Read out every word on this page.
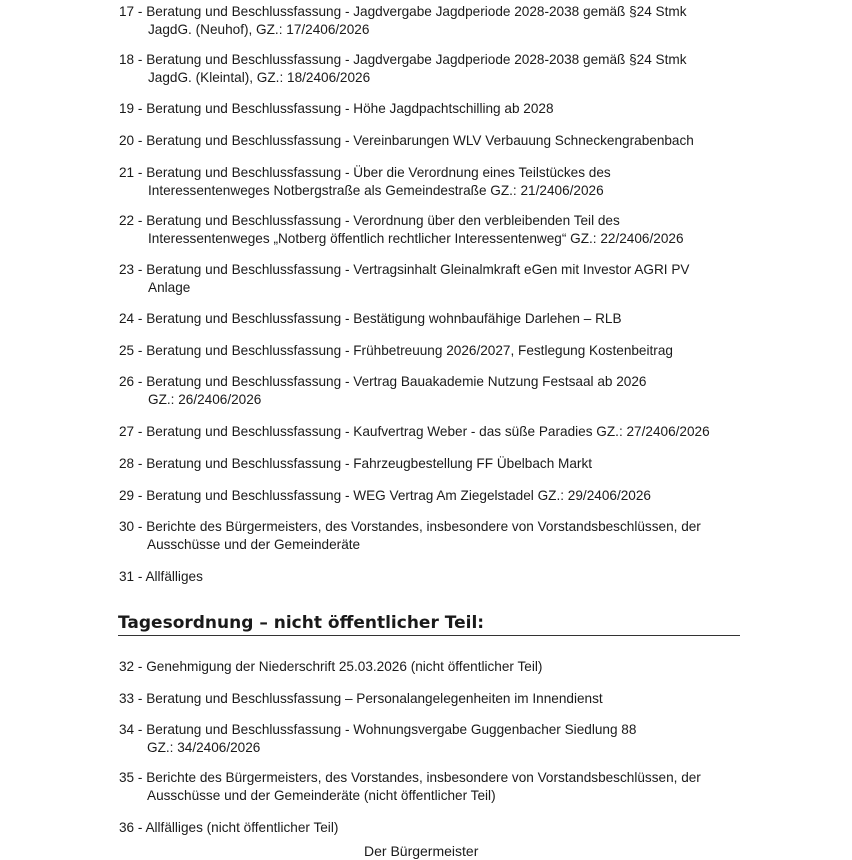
17 - Beratung und Beschlussfassung - Jagdvergabe Jagdperiode 2028-2038 gemäß §24 Stmk
JagdG. (Neuhof), GZ.: 17/2406/2026
18 - Beratung und Beschlussfassung - Jagdvergabe Jagdperiode 2028-2038 gemäß §24 Stmk
JagdG. (Kleintal), GZ.: 18/2406/2026
19 - Beratung und Beschlussfassung - Höhe Jagdpachtschilling ab 2028
20 - Beratung und Beschlussfassung - Vereinbarungen WLV Verbauung Schneckengrabenbach
21 - Beratung und Beschlussfassung - Über die Verordnung eines Teilstückes des
Interessentenweges Notbergstraße als Gemeindestraße GZ.: 21/2406/2026
22 - Beratung und Beschlussfassung - Verordnung über den verbleibenden Teil des
Interessentenweges „Notberg öffentlich rechtlicher Interessentenweg“ GZ.: 22/2406/2026
23 - Beratung und Beschlussfassung - Vertragsinhalt Gleinalmkraft eGen mit Investor AGRI PV
Anlage
24 - Beratung und Beschlussfassung - Bestätigung wohnbaufähige Darlehen – RLB
25 - Beratung und Beschlussfassung - Frühbetreuung 2026/2027, Festlegung Kostenbeitrag
26 - Beratung und Beschlussfassung - Vertrag Bauakademie Nutzung Festsaal ab 2026
GZ.: 26/2406/2026
27 - Beratung und Beschlussfassung - Kaufvertrag Weber - das süße Paradies GZ.: 27/2406/2026
28 - Beratung und Beschlussfassung - Fahrzeugbestellung FF Übelbach Markt
29 - Beratung und Beschlussfassung - WEG Vertrag Am Ziegelstadel GZ.: 29/2406/2026
30 - Berichte des Bürgermeisters, des Vorstandes, insbesondere von Vorstandsbeschlüssen, der
Ausschüsse und der Gemeinderäte
31 - Allfälliges
Tagesordnung – nicht öffentlicher Teil:
32 - Genehmigung der Niederschrift 25.03.2026 (nicht öffentlicher Teil)
33 - Beratung und Beschlussfassung – Personalangelegenheiten im Innendienst
34 - Beratung und Beschlussfassung - Wohnungsvergabe Guggenbacher Siedlung 88
GZ.: 34/2406/2026
35 - Berichte des Bürgermeisters, des Vorstandes, insbesondere von Vorstandsbeschlüssen, der
Ausschüsse und der Gemeinderäte (nicht öffentlicher Teil)
36 - Allfälliges (nicht öffentlicher Teil)
Der Bürgermeister
